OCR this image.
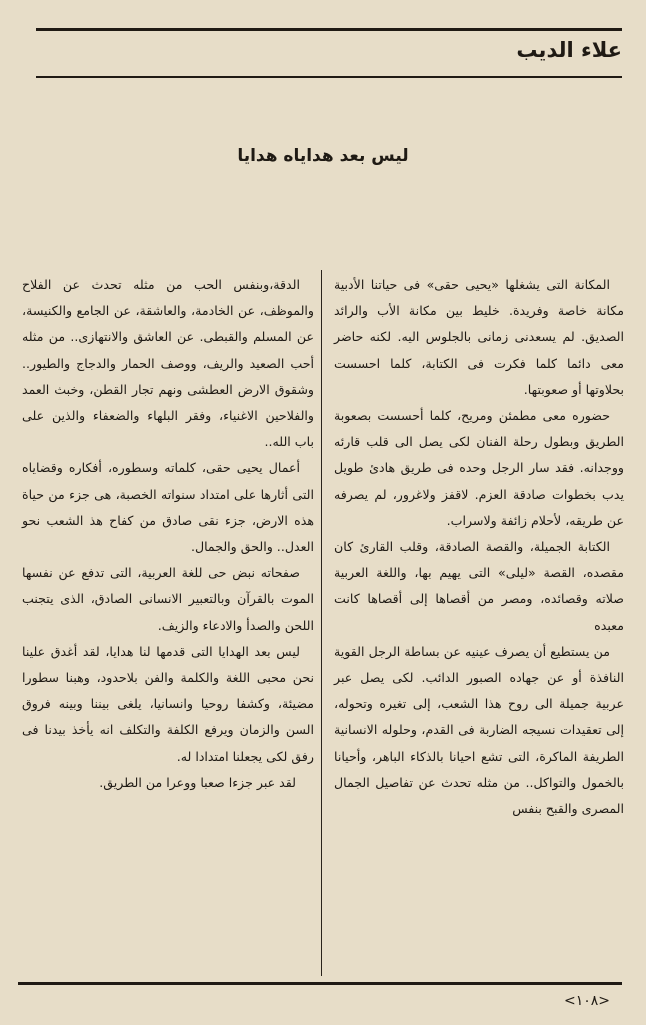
علاء الديب
ليس بعد هداياه هدايا

المكانة التى يشغلها «يحيى حقى» فى حياتنا الأدبية مكانة خاصة وفريدة. خليط بين مكانة الأب والرائد الصديق. لم يسعدنى زمانى بالجلوس اليه. لكنه حاضر معى دائما كلما فكرت فى الكتابة، كلما احسست بحلاوتها أو صعوبتها.

حضوره معى مطمئن ومريح، كلما أحسست بصعوبة الطريق وبطول رحلة الفنان لكى يصل الى قلب قارئه ووجدانه. فقد سار الرجل وحده فى طريق هادئ طويل يدب بخطوات صادقة العزم. لاقفز ولاغرور، لم يصرفه عن طريقه، لأحلام زائفة ولاسراب.

الكتابة الجميلة، والقصة الصادقة، وقلب القارئ كان مقصده، القصة «ليلى» التى يهيم بها، واللغة العربية صلاته وقصائده، ومصر من أقصاها إلى أقصاها كانت معبده

من يستطيع أن يصرف عينيه عن بساطة الرجل القوية النافذة أو عن جهاده الصبور الدائب. لكى يصل عبر عربية جميلة الى روح هذا الشعب، إلى تغيره وتحوله، إلى تعقيدات نسيجه الضاربة فى القدم، وحلوله الانسانية الطريفة الماكرة، التى تشع احيانا بالذكاء الباهر، وأحيانا بالخمول والتواكل.. من مثله تحدث عن تفاصيل الجمال المصرى والقبح بنفس

الدقة،وبنفس الحب من مثله تحدث عن الفلاح والموظف، عن الخادمة، والعاشقة، عن الجامع والكنيسة، عن المسلم والقبطى. عن العاشق والانتهازى.. من مثله أحب الصعيد والريف، ووصف الحمار والدجاج والطيور.. وشقوق الارض العطشى ونهم تجار القطن، وخبث العمد والفلاحين الاغنياء، وفقر البلهاء والضعفاء والذين على باب الله..

أعمال يحيى حقى، كلماته وسطوره، أفكاره وقضاياه التى أثارها على امتداد سنواته الخصبة، هى جزء من حياة هذه الارض، جزء نقى صادق من كفاح هذ الشعب نحو العدل.. والحق والجمال.

صفحاته نبض حى للغة العربية، التى تدفع عن نفسها الموت بالقرآن وبالتعبير الانسانى الصادق، الذى يتجنب اللحن والصدأ والادعاء والزيف.

ليس بعد الهدايا التى قدمها لنا هدايا، لقد أغدق علينا نحن محبى اللغة والكلمة والفن بلاحدود، وهبنا سطورا مضيئة، وكشفا روحيا وانسانيا، يلغى بيننا وبينه فروق السن والزمان ويرفع الكلفة والتكلف انه يأخذ بيدنا فى رفق لكى يجعلنا امتدادا له.

لقد عبر جزءا صعبا ووعرا من الطريق.

<١٠٨>
